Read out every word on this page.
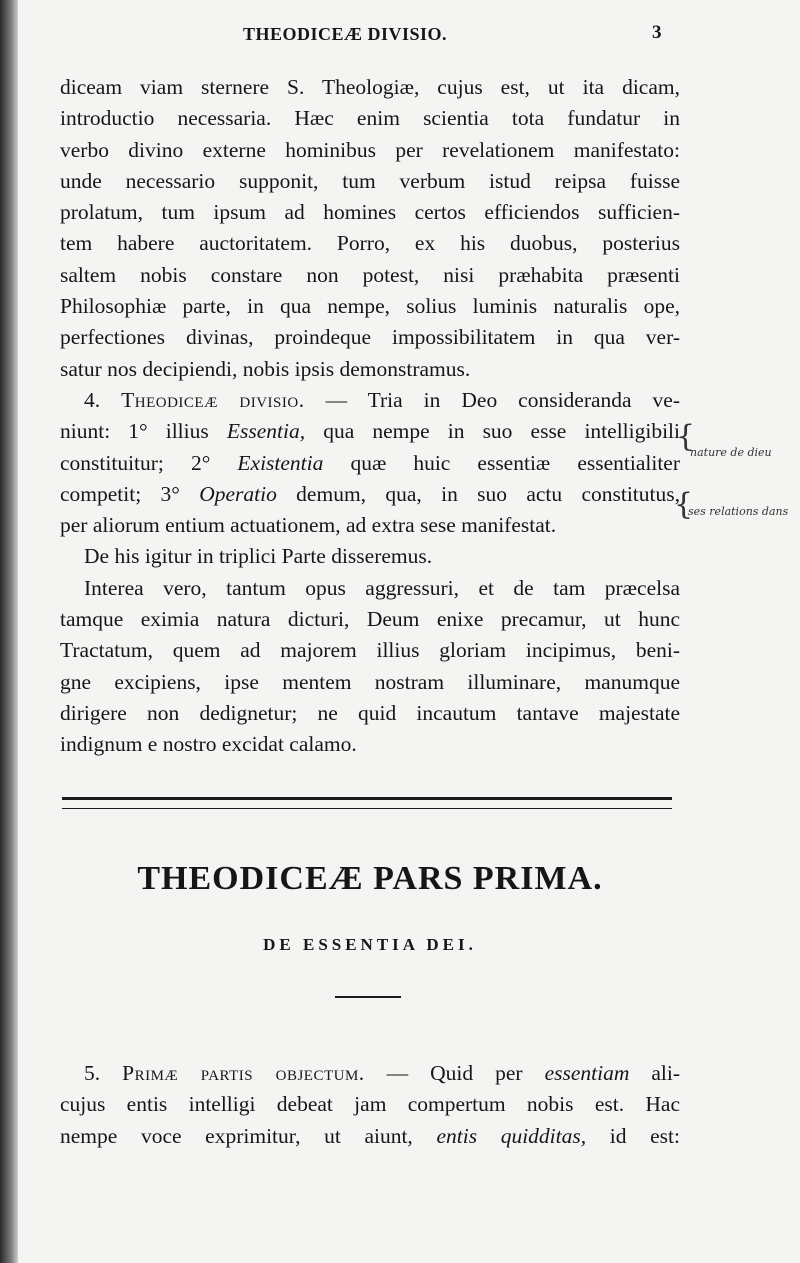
THEODICEÆ DIVISIO.	3
diceam viam sternere S. Theologiæ, cujus est, ut ita dicam,
introductio necessaria. Hæc enim scientia tota fundatur in
verbo divino externe hominibus per revelationem manifestato:
unde necessario supponit, tum verbum istud reipsa fuisse
prolatum, tum ipsum ad homines certos efficiendos sufficien-
tem habere auctoritatem. Porro, ex his duobus, posterius
saltem nobis constare non potest, nisi præhabita præsenti
Philosophiæ parte, in qua nempe, solius luminis naturalis ope,
perfectiones divinas, proindeque impossibilitatem in qua ver-
satur nos decipiendi, nobis ipsis demonstramus.
4. Theodiceæ divisio. — Tria in Deo consideranda ve-
niunt: 1° illius Essentia, qua nempe in suo esse intelligibili
constituitur; 2° Existentia quæ huic essentiæ essentialiter
competit; 3° Operatio demum, qua, in suo actu constitutus,
per aliorum entium actuationem, ad extra sese manifestat.
De his igitur in triplici Parte disseremus.
Interea vero, tantum opus aggressuri, et de tam præcelsa
tamque eximia natura dicturi, Deum enixe precamur, ut hunc
Tractatum, quem ad majorem illius gloriam incipimus, beni-
gne excipiens, ipse mentem nostram illuminare, manumque
dirigere non dedignetur; ne quid incautum tantave majestate
indignum e nostro excidat calamo.
{
nature de dieu
{
ses relations dans
THEODICEÆ PARS PRIMA.
DE ESSENTIA DEI.
5. Primæ partis objectum. — Quid per essentiam ali-
cujus entis intelligi debeat jam compertum nobis est. Hac
nempe voce exprimitur, ut aiunt, entis quidditas, id est:
